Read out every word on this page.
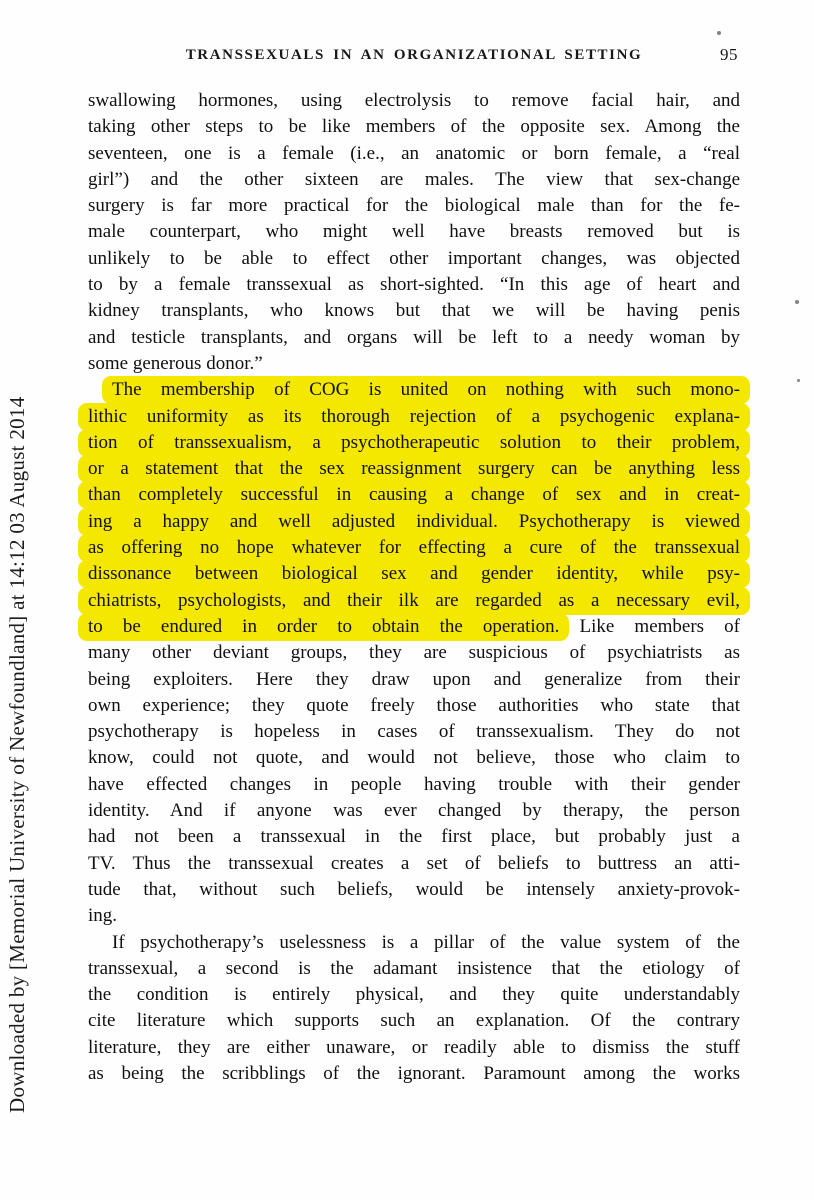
TRANSSEXUALS IN AN ORGANIZATIONAL SETTING	95
Downloaded by [Memorial University of Newfoundland] at 14:12 03 August 2014
swallowing hormones, using electrolysis to remove facial hair, and
taking other steps to be like members of the opposite sex. Among the
seventeen, one is a female (i.e., an anatomic or born female, a “real
girl”) and the other sixteen are males. The view that sex-change
surgery is far more practical for the biological male than for the fe-
male counterpart, who might well have breasts removed but is
unlikely to be able to effect other important changes, was objected
to by a female transsexual as short-sighted. “In this age of heart and
kidney transplants, who knows but that we will be having penis
and testicle transplants, and organs will be left to a needy woman by
some generous donor.”
The membership of COG is united on nothing with such mono-
lithic uniformity as its thorough rejection of a psychogenic explana-
tion of transsexualism, a psychotherapeutic solution to their problem,
or a statement that the sex reassignment surgery can be anything less
than completely successful in causing a change of sex and in creat-
ing a happy and well adjusted individual. Psychotherapy is viewed
as offering no hope whatever for effecting a cure of the transsexual
dissonance between biological sex and gender identity, while psy-
chiatrists, psychologists, and their ilk are regarded as a necessary evil,
to be endured in order to obtain the operation. Like members of
many other deviant groups, they are suspicious of psychiatrists as
being exploiters. Here they draw upon and generalize from their
own experience; they quote freely those authorities who state that
psychotherapy is hopeless in cases of transsexualism. They do not
know, could not quote, and would not believe, those who claim to
have effected changes in people having trouble with their gender
identity. And if anyone was ever changed by therapy, the person
had not been a transsexual in the first place, but probably just a
TV. Thus the transsexual creates a set of beliefs to buttress an atti-
tude that, without such beliefs, would be intensely anxiety-provok-
ing.
If psychotherapy’s uselessness is a pillar of the value system of the
transsexual, a second is the adamant insistence that the etiology of
the condition is entirely physical, and they quite understandably
cite literature which supports such an explanation. Of the contrary
literature, they are either unaware, or readily able to dismiss the stuff
as being the scribblings of the ignorant. Paramount among the works
